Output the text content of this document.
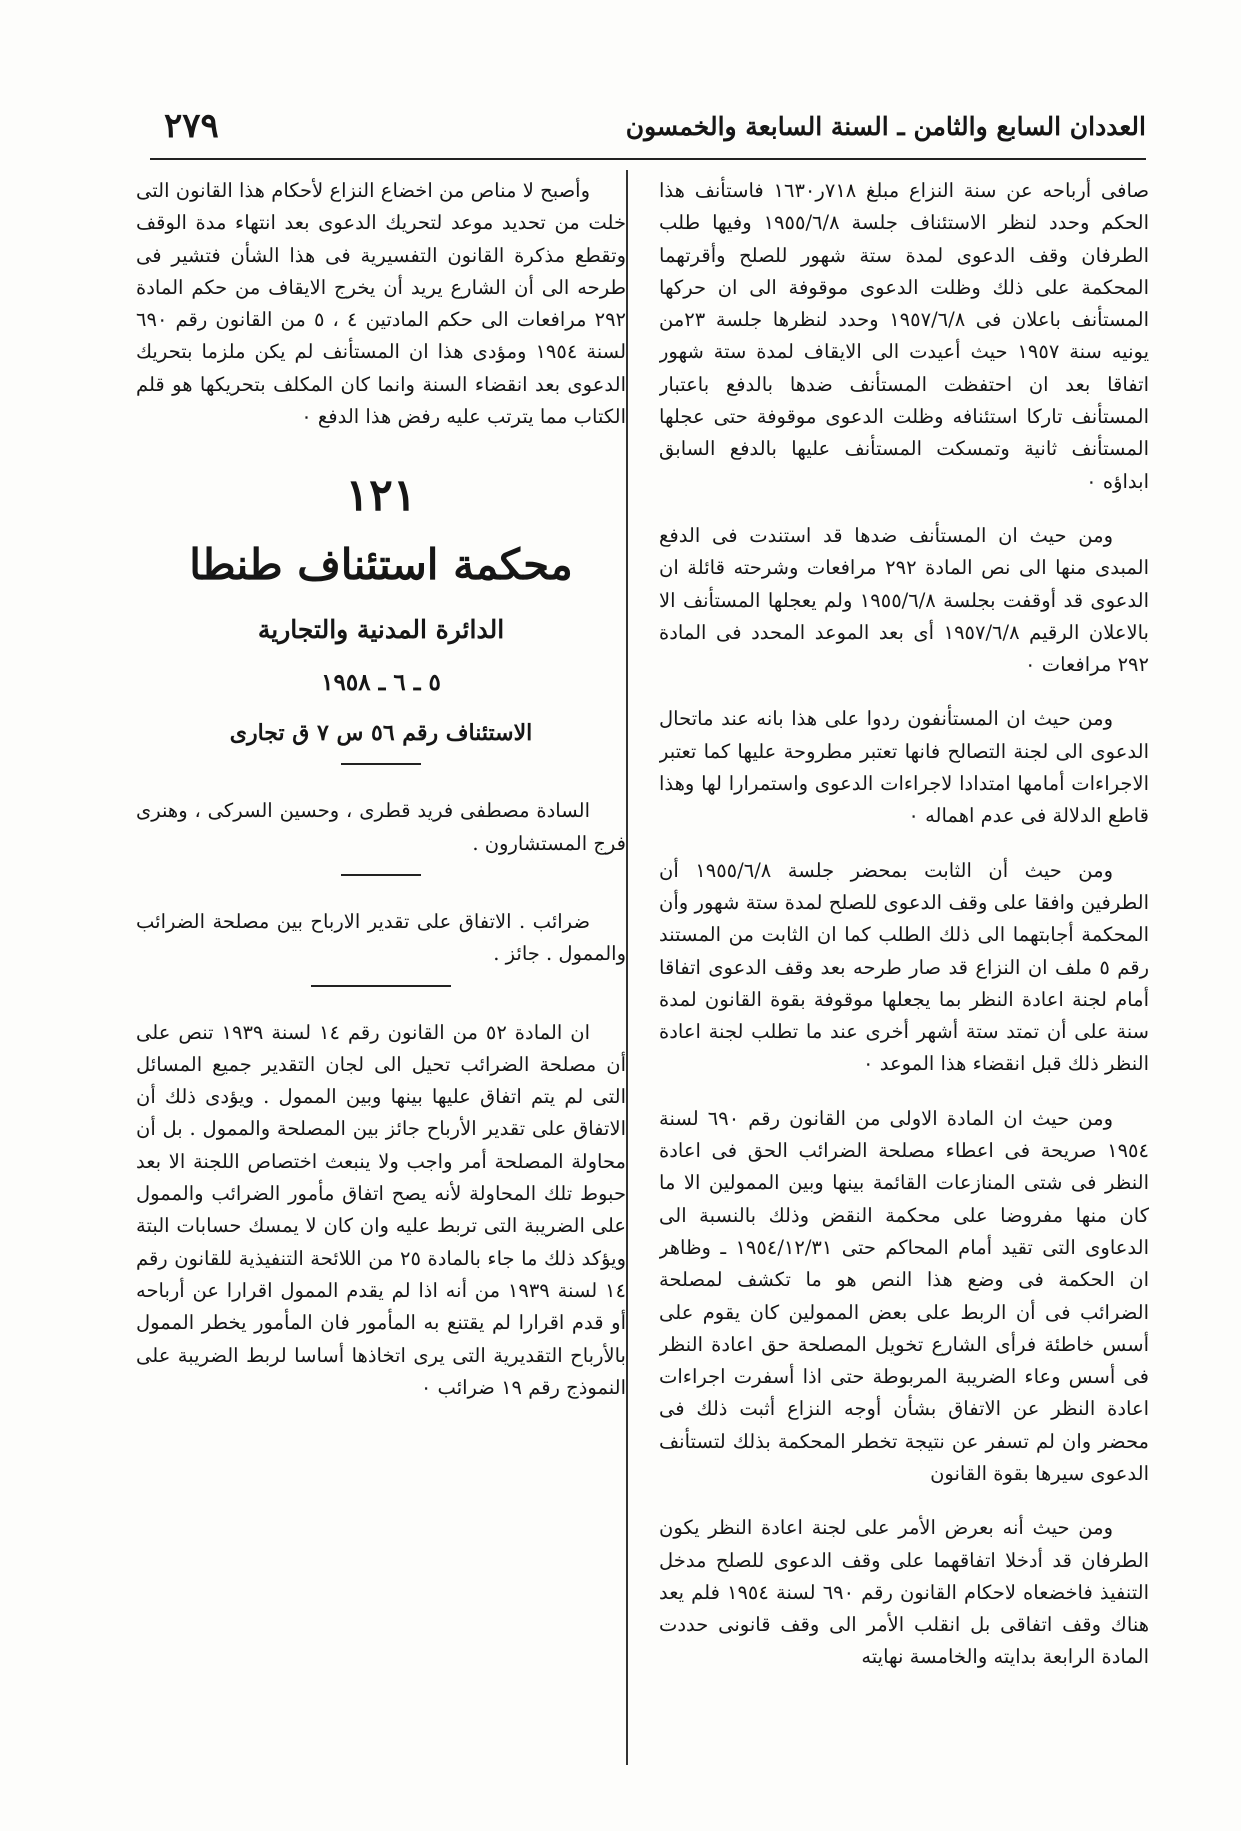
العددان السابع والثامن ـ السنة السابعة والخمسون
٢٧٩

صافى أرباحه عن سنة النزاع مبلغ ٧١٨ر١٦٣٠ فاستأنف هذا الحكم وحدد لنظر الاستئناف جلسة ١٩٥٥/٦/٨ وفيها طلب الطرفان وقف الدعوى لمدة ستة شهور للصلح وأقرتهما المحكمة على ذلك وظلت الدعوى موقوفة الى ان حركها المستأنف باعلان فى ١٩٥٧/٦/٨ وحدد لنظرها جلسة ٢٣من يونيه سنة ١٩٥٧ حيث أعيدت الى الايقاف لمدة ستة شهور اتفاقا بعد ان احتفظت المستأنف ضدها بالدفع باعتبار المستأنف تاركا استئنافه وظلت الدعوى موقوفة حتى عجلها المستأنف ثانية وتمسكت المستأنف عليها بالدفع السابق ابداؤه ٠

ومن حيث ان المستأنف ضدها قد استندت فى الدفع المبدى منها الى نص المادة ٢٩٢ مرافعات وشرحته قائلة ان الدعوى قد أوقفت بجلسة ١٩٥٥/٦/٨ ولم يعجلها المستأنف الا بالاعلان الرقيم ١٩٥٧/٦/٨ أى بعد الموعد المحدد فى المادة ٢٩٢ مرافعات ٠

ومن حيث ان المستأنفون ردوا على هذا بانه عند ماتحال الدعوى الى لجنة التصالح فانها تعتبر مطروحة عليها كما تعتبر الاجراءات أمامها امتدادا لاجراءات الدعوى واستمرارا لها وهذا قاطع الدلالة فى عدم اهماله ٠

ومن حيث أن الثابت بمحضر جلسة ١٩٥٥/٦/٨ أن الطرفين وافقا على وقف الدعوى للصلح لمدة ستة شهور وأن المحكمة أجابتهما الى ذلك الطلب كما ان الثابت من المستند رقم ٥ ملف ان النزاع قد صار طرحه بعد وقف الدعوى اتفاقا أمام لجنة اعادة النظر بما يجعلها موقوفة بقوة القانون لمدة سنة على أن تمتد ستة أشهر أخرى عند ما تطلب لجنة اعادة النظر ذلك قبل انقضاء هذا الموعد ٠

ومن حيث ان المادة الاولى من القانون رقم ٦٩٠ لسنة ١٩٥٤ صريحة فى اعطاء مصلحة الضرائب الحق فى اعادة النظر فى شتى المنازعات القائمة بينها وبين الممولين الا ما كان منها مفروضا على محكمة النقض وذلك بالنسبة الى الدعاوى التى تقيد أمام المحاكم حتى ١٩٥٤/١٢/٣١ ـ وظاهر ان الحكمة فى وضع هذا النص هو ما تكشف لمصلحة الضرائب فى أن الربط على بعض الممولين كان يقوم على أسس خاطئة فرأى الشارع تخويل المصلحة حق اعادة النظر فى أسس وعاء الضريبة المربوطة حتى اذا أسفرت اجراءات اعادة النظر عن الاتفاق بشأن أوجه النزاع أثبت ذلك فى محضر وان لم تسفر عن نتيجة تخطر المحكمة بذلك لتستأنف الدعوى سيرها بقوة القانون

ومن حيث أنه بعرض الأمر على لجنة اعادة النظر يكون الطرفان قد أدخلا اتفاقهما على وقف الدعوى للصلح مدخل التنفيذ فاخضعاه لاحكام القانون رقم ٦٩٠ لسنة ١٩٥٤ فلم يعد هناك وقف اتفاقى بل انقلب الأمر الى وقف قانونى حددت المادة الرابعة بدايته والخامسة نهايته

وأصبح لا مناص من اخضاع النزاع لأحكام هذا القانون التى خلت من تحديد موعد لتحريك الدعوى بعد انتهاء مدة الوقف وتقطع مذكرة القانون التفسيرية فى هذا الشأن فتشير فى طرحه الى أن الشارع يريد أن يخرج الايقاف من حكم المادة ٢٩٢ مرافعات الى حكم المادتين ٤ ، ٥ من القانون رقم ٦٩٠ لسنة ١٩٥٤ ومؤدى هذا ان المستأنف لم يكن ملزما بتحريك الدعوى بعد انقضاء السنة وانما كان المكلف بتحريكها هو قلم الكتاب مما يترتب عليه رفض هذا الدفع ٠

١٢١
محكمة استئناف طنطا
الدائرة المدنية والتجارية
٥ ـ ٦ ـ ١٩٥٨
الاستئناف رقم ٥٦ س ٧ ق تجارى

السادة مصطفى فريد قطرى ، وحسين السركى ، وهنرى فرج المستشارون .

ضرائب . الاتفاق على تقدير الارباح بين مصلحة الضرائب والممول . جائز .

ان المادة ٥٢ من القانون رقم ١٤ لسنة ١٩٣٩ تنص على أن مصلحة الضرائب تحيل الى لجان التقدير جميع المسائل التى لم يتم اتفاق عليها بينها وبين الممول . ويؤدى ذلك أن الاتفاق على تقدير الأرباح جائز بين المصلحة والممول . بل أن محاولة المصلحة أمر واجب ولا ينبعث اختصاص اللجنة الا بعد حبوط تلك المحاولة لأنه يصح اتفاق مأمور الضرائب والممول على الضريبة التى تربط عليه وان كان لا يمسك حسابات البتة ويؤكد ذلك ما جاء بالمادة ٢٥ من اللائحة التنفيذية للقانون رقم ١٤ لسنة ١٩٣٩ من أنه اذا لم يقدم الممول اقرارا عن أرباحه أو قدم اقرارا لم يقتنع به المأمور فان المأمور يخطر الممول بالأرباح التقديرية التى يرى اتخاذها أساسا لربط الضريبة على النموذج رقم ١٩ ضرائب ٠
